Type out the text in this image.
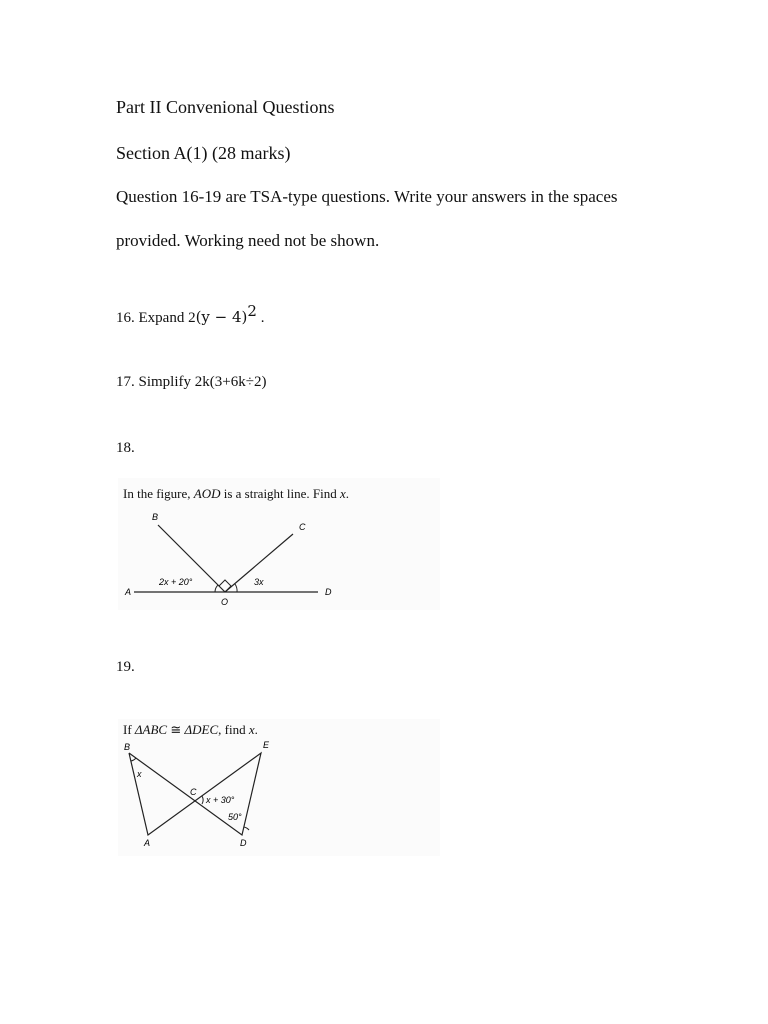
Part II Convenional Questions
Section A(1) (28 marks)
Question 16-19 are TSA-type questions. Write your answers in the spaces
provided. Working need not be shown.
16. Expand $2(y - 4)^2$ .
17. Simplify 2k(3+6k÷2)
18.
In the figure, AOD is a straight line. Find x.
A
B
C
D
O
2x + 20°	3x
19.
If ΔABC ≅ ΔDEC, find x.
B	E
C
A	D
x
x + 30°
50°
